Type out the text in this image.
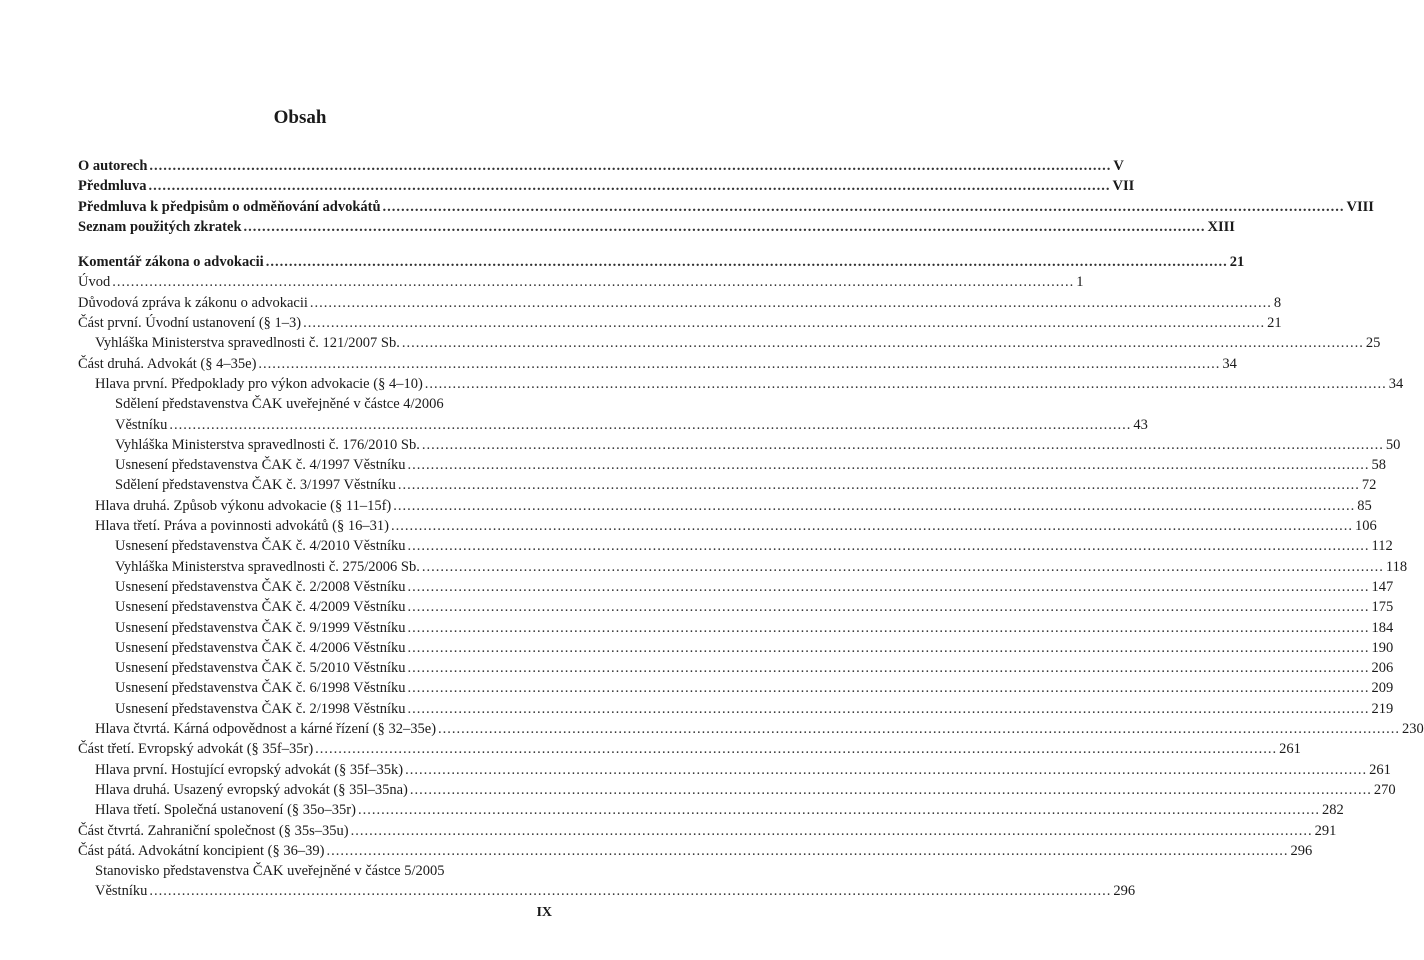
Obsah
O autorech .....	V
Předmluva .....	VII
Předmluva k předpisům o odměňování advokátů .....	VIII
Seznam použitých zkratek .....	XIII
Komentář zákona o advokacii .....	21
Úvod .....	1
Důvodová zpráva k zákonu o advokacii .....	8
Část první. Úvodní ustanovení (§ 1–3) .....	21
Vyhláška Ministerstva spravedlnosti č. 121/2007 Sb. .....	25
Část druhá. Advokát (§ 4–35e) .....	34
Hlava první. Předpoklady pro výkon advokacie (§ 4–10) .....	34
Sdělení představenstva ČAK uveřejněné v částce 4/2006
Věstníku .....	43
Vyhláška Ministerstva spravedlnosti č. 176/2010 Sb. .....	50
Usnesení představenstva ČAK č. 4/1997 Věstníku .....	58
Sdělení představenstva ČAK č. 3/1997 Věstníku .....	72
Hlava druhá. Způsob výkonu advokacie (§ 11–15f) .....	85
Hlava třetí. Práva a povinnosti advokátů (§ 16–31) .....	106
Usnesení představenstva ČAK č. 4/2010 Věstníku .....	112
Vyhláška Ministerstva spravedlnosti č. 275/2006 Sb. .....	118
Usnesení představenstva ČAK č. 2/2008 Věstníku .....	147
Usnesení představenstva ČAK č. 4/2009 Věstníku .....	175
Usnesení představenstva ČAK č. 9/1999 Věstníku .....	184
Usnesení představenstva ČAK č. 4/2006 Věstníku .....	190
Usnesení představenstva ČAK č. 5/2010 Věstníku .....	206
Usnesení představenstva ČAK č. 6/1998 Věstníku .....	209
Usnesení představenstva ČAK č. 2/1998 Věstníku .....	219
Hlava čtvrtá. Kárná odpovědnost a kárné řízení (§ 32–35e) .....	230
Část třetí. Evropský advokát (§ 35f–35r) .....	261
Hlava první. Hostující evropský advokát (§ 35f–35k) .....	261
Hlava druhá. Usazený evropský advokát (§ 35l–35na) .....	270
Hlava třetí. Společná ustanovení (§ 35o–35r) .....	282
Část čtvrtá. Zahraniční společnost (§ 35s–35u) .....	291
Část pátá. Advokátní koncipient (§ 36–39) .....	296
Stanovisko představenstva ČAK uveřejněné v částce 5/2005
Věstníku .....	296
IX
